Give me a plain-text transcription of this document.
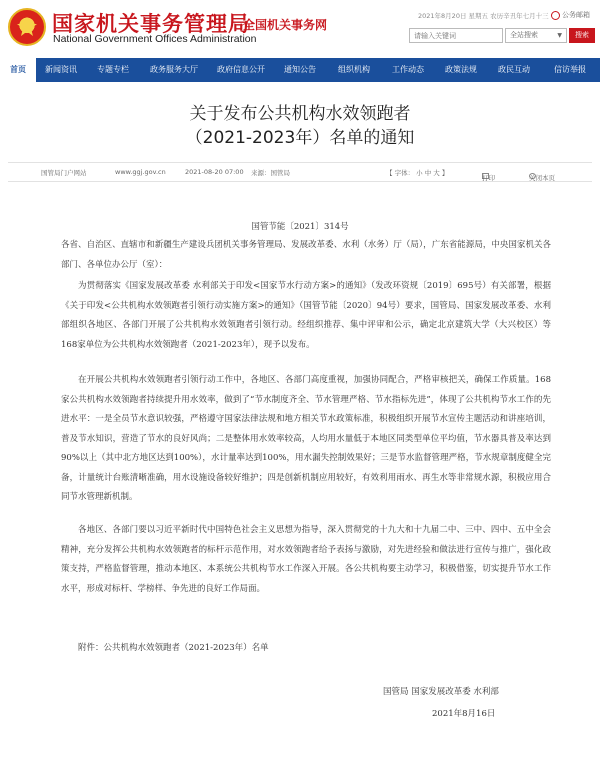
国家机关事务管理局
National Government Offices Administration
全国机关事务网
2021年8月20日 星期五 农历辛丑年七月十三	公务邮箱
请输入关键词
全站搜索	▼	搜索
首页	新闻资讯	专题专栏	政务服务大厅	政府信息公开	通知公告	组织机构	工作动态	政策法规	政民互动	信访举报
关于发布公共机构水效领跑者
（2021-2023年）名单的通知
国管局门户网站	www.ggj.gov.cn	2021-08-20 07:00 来源：国管局	【 字体： 小 中 大 】
打印	关闭本页
国管节能〔2021〕314号
各省、自治区、直辖市和新疆生产建设兵团机关事务管理局、发展改革委、水利（水务）厅（局），广东省能源局，中央国家机关各部门、各单位办公厅（室）：
为贯彻落实《国家发展改革委 水利部关于印发<国家节水行动方案>的通知》（发改环资规〔2019〕695号）有关部署，根据《关于印发<公共机构水效领跑者引领行动实施方案>的通知》（国管节能〔2020〕94号）要求，国管局、国家发展改革委、水利部组织各地区、各部门开展了公共机构水效领跑者引领行动。经组织推荐、集中评审和公示，确定北京建筑大学（大兴校区）等168家单位为公共机构水效领跑者（2021-2023年），现予以发布。
在开展公共机构水效领跑者引领行动工作中，各地区、各部门高度重视，加强协同配合，严格审核把关，确保工作质量。168家公共机构水效领跑者持续提升用水效率，做到了“节水制度齐全、节水管理严格、节水指标先进”，体现了公共机构节水工作的先进水平：一是全员节水意识较强，严格遵守国家法律法规和地方相关节水政策标准，积极组织开展节水宣传主题活动和讲座培训，普及节水知识，营造了节水的良好风尚；二是整体用水效率较高，人均用水量低于本地区同类型单位平均值，节水器具普及率达到90%以上（其中北方地区达到100%），水计量率达到100%，用水漏失控制效果好；三是节水监督管理严格，节水规章制度健全完备，计量统计台账清晰准确，用水设施设备较好维护；四是创新机制应用较好，有效利用雨水、再生水等非常规水源，积极应用合同节水管理新机制。
各地区、各部门要以习近平新时代中国特色社会主义思想为指导，深入贯彻党的十九大和十九届二中、三中、四中、五中全会精神，充分发挥公共机构水效领跑者的标杆示范作用，对水效领跑者给予表扬与激励，对先进经验和做法进行宣传与推广，强化政策支持，严格监督管理，推动本地区、本系统公共机构节水工作深入开展。各公共机构要主动学习，积极借鉴，切实提升节水工作水平，形成对标杆、学榜样、争先进的良好工作局面。
附件：公共机构水效领跑者（2021-2023年）名单
国管局 国家发展改革委 水利部
2021年8月16日
